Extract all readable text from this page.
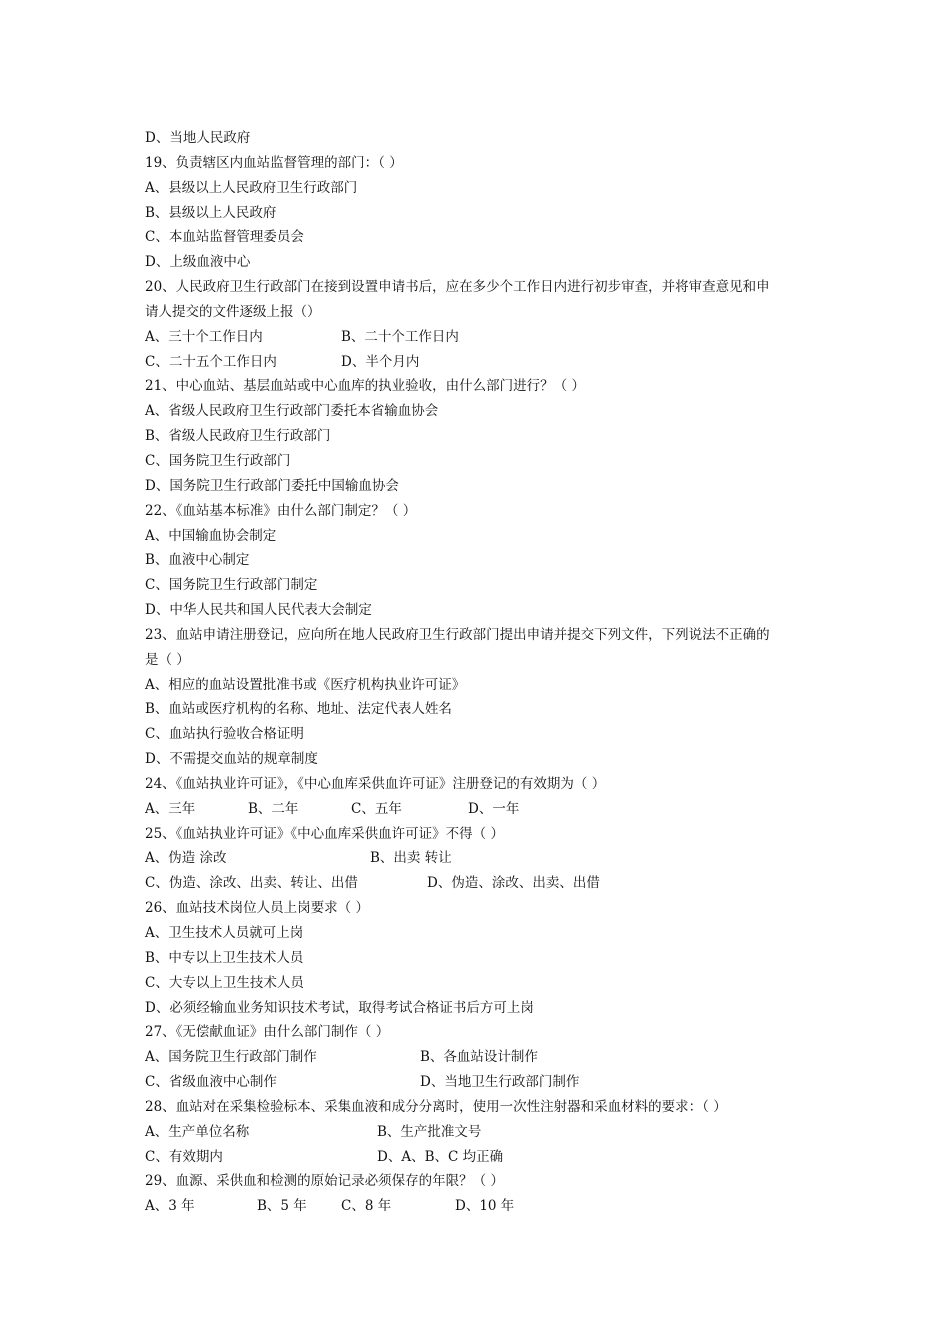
D、当地人民政府
19、负责辖区内血站监督管理的部门：（ ）
A、县级以上人民政府卫生行政部门
B、县级以上人民政府
C、本血站监督管理委员会
D、上级血液中心
20、人民政府卫生行政部门在接到设置申请书后，应在多少个工作日内进行初步审查，并将审查意见和申
请人提交的文件逐级上报（）
A、三十个工作日内	B、二十个工作日内
C、二十五个工作日内	D、半个月内
21、中心血站、基层血站或中心血库的执业验收，由什么部门进行？（ ）
A、省级人民政府卫生行政部门委托本省输血协会
B、省级人民政府卫生行政部门
C、国务院卫生行政部门
D、国务院卫生行政部门委托中国输血协会
22、《血站基本标准》由什么部门制定？（ ）
A、中国输血协会制定
B、血液中心制定
C、国务院卫生行政部门制定
D、中华人民共和国人民代表大会制定
23、血站申请注册登记，应向所在地人民政府卫生行政部门提出申请并提交下列文件，下列说法不正确的
是（ ）
A、相应的血站设置批准书或《医疗机构执业许可证》
B、血站或医疗机构的名称、地址、法定代表人姓名
C、血站执行验收合格证明
D、不需提交血站的规章制度
24、《血站执业许可证》，《中心血库采供血许可证》注册登记的有效期为（ ）
A、三年	B、二年	C、五年	D、一年
25、《血站执业许可证》《中心血库采供血许可证》不得（ ）
A、伪造 涂改	B、出卖 转让
C、伪造、涂改、出卖、转让、出借	D、伪造、涂改、出卖、出借
26、血站技术岗位人员上岗要求（ ）
A、卫生技术人员就可上岗
B、中专以上卫生技术人员
C、大专以上卫生技术人员
D、必须经输血业务知识技术考试，取得考试合格证书后方可上岗
27、《无偿献血证》由什么部门制作（ ）
A、国务院卫生行政部门制作	B、各血站设计制作
C、省级血液中心制作	D、当地卫生行政部门制作
28、血站对在采集检验标本、采集血液和成分分离时，使用一次性注射器和采血材料的要求：（ ）
A、生产单位名称	B、生产批准文号
C、有效期内	D、A、B、C 均正确
29、血源、采供血和检测的原始记录必须保存的年限？（ ）
A、3 年	B、5 年	C、8 年	D、10 年
